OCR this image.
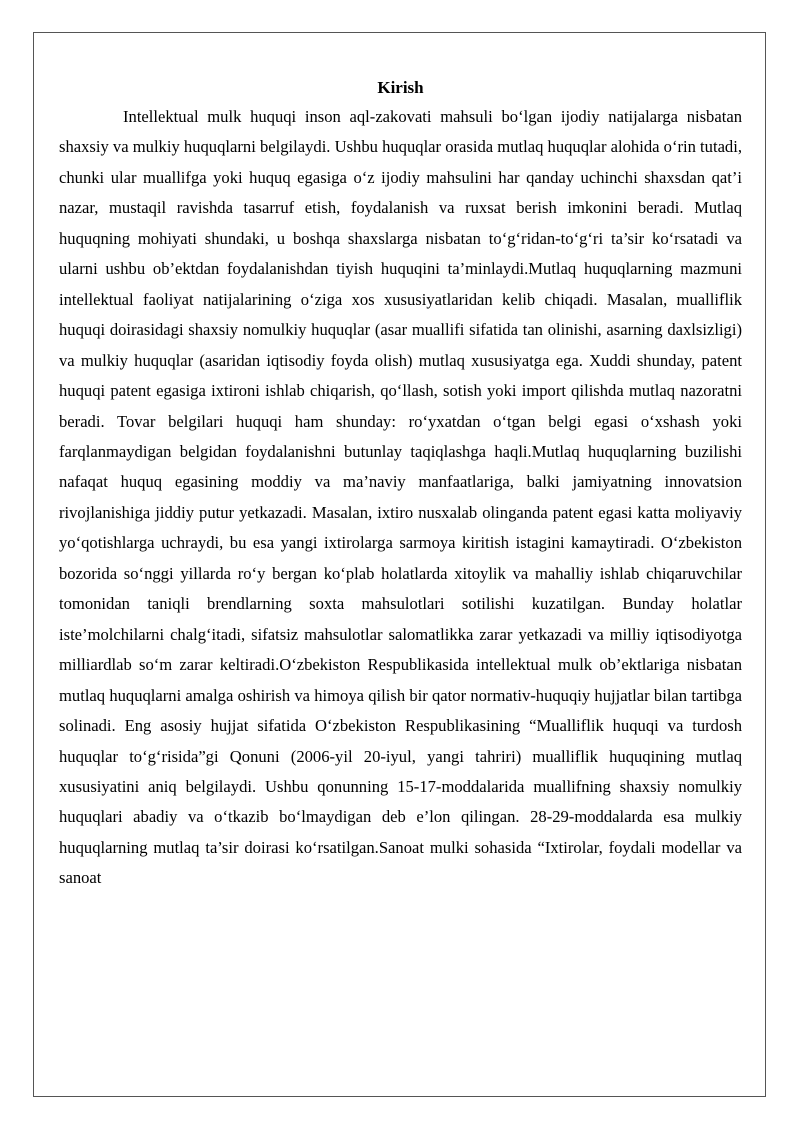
Kirish

Intellektual mulk huquqi inson aql-zakovati mahsuli bo‘lgan ijodiy natijalarga nisbatan shaxsiy va mulkiy huquqlarni belgilaydi. Ushbu huquqlar orasida mutlaq huquqlar alohida o‘rin tutadi, chunki ular muallifga yoki huquq egasiga o‘z ijodiy mahsulini har qanday uchinchi shaxsdan qat’i nazar, mustaqil ravishda tasarruf etish, foydalanish va ruxsat berish imkonini beradi. Mutlaq huquqning mohiyati shundaki, u boshqa shaxslarga nisbatan to‘g‘ridan-to‘g‘ri ta’sir ko‘rsatadi va ularni ushbu ob’ektdan foydalanishdan tiyish huquqini ta’minlaydi.Mutlaq huquqlarning mazmuni intellektual faoliyat natijalarining o‘ziga xos xususiyatlaridan kelib chiqadi. Masalan, mualliflik huquqi doirasidagi shaxsiy nomulkiy huquqlar (asar muallifi sifatida tan olinishi, asarning daxlsizligi) va mulkiy huquqlar (asaridan iqtisodiy foyda olish) mutlaq xususiyatga ega. Xuddi shunday, patent huquqi patent egasiga ixtironi ishlab chiqarish, qo‘llash, sotish yoki import qilishda mutlaq nazoratni beradi. Tovar belgilari huquqi ham shunday: ro‘yxatdan o‘tgan belgi egasi o‘xshash yoki farqlanmaydigan belgidan foydalanishni butunlay taqiqlashga haqli.Mutlaq huquqlarning buzilishi nafaqat huquq egasining moddiy va ma’naviy manfaatlariga, balki jamiyatning innovatsion rivojlanishiga jiddiy putur yetkazadi. Masalan, ixtiro nusxalab olinganda patent egasi katta moliyaviy yo‘qotishlarga uchraydi, bu esa yangi ixtirolarga sarmoya kiritish istagini kamaytiradi. O‘zbekiston bozorida so‘nggi yillarda ro‘y bergan ko‘plab holatlarda xitoylik va mahalliy ishlab chiqaruvchilar tomonidan taniqli brendlarning soxta mahsulotlari sotilishi kuzatilgan. Bunday holatlar iste’molchilarni chalg‘itadi, sifatsiz mahsulotlar salomatlikka zarar yetkazadi va milliy iqtisodiyotga milliardlab so‘m zarar keltiradi.O‘zbekiston Respublikasida intellektual mulk ob’ektlariga nisbatan mutlaq huquqlarni amalga oshirish va himoya qilish bir qator normativ-huquqiy hujjatlar bilan tartibga solinadi. Eng asosiy hujjat sifatida O‘zbekiston Respublikasining “Mualliflik huquqi va turdosh huquqlar to‘g‘risida”gi Qonuni (2006-yil 20-iyul, yangi tahriri) mualliflik huquqining mutlaq xususiyatini aniq belgilaydi. Ushbu qonunning 15-17-moddalarida muallifning shaxsiy nomulkiy huquqlari abadiy va o‘tkazib bo‘lmaydigan deb e’lon qilingan. 28-29-moddalarda esa mulkiy huquqlarning mutlaq ta’sir doirasi ko‘rsatilgan.Sanoat mulki sohasida “Ixtirolar, foydali modellar va sanoat
